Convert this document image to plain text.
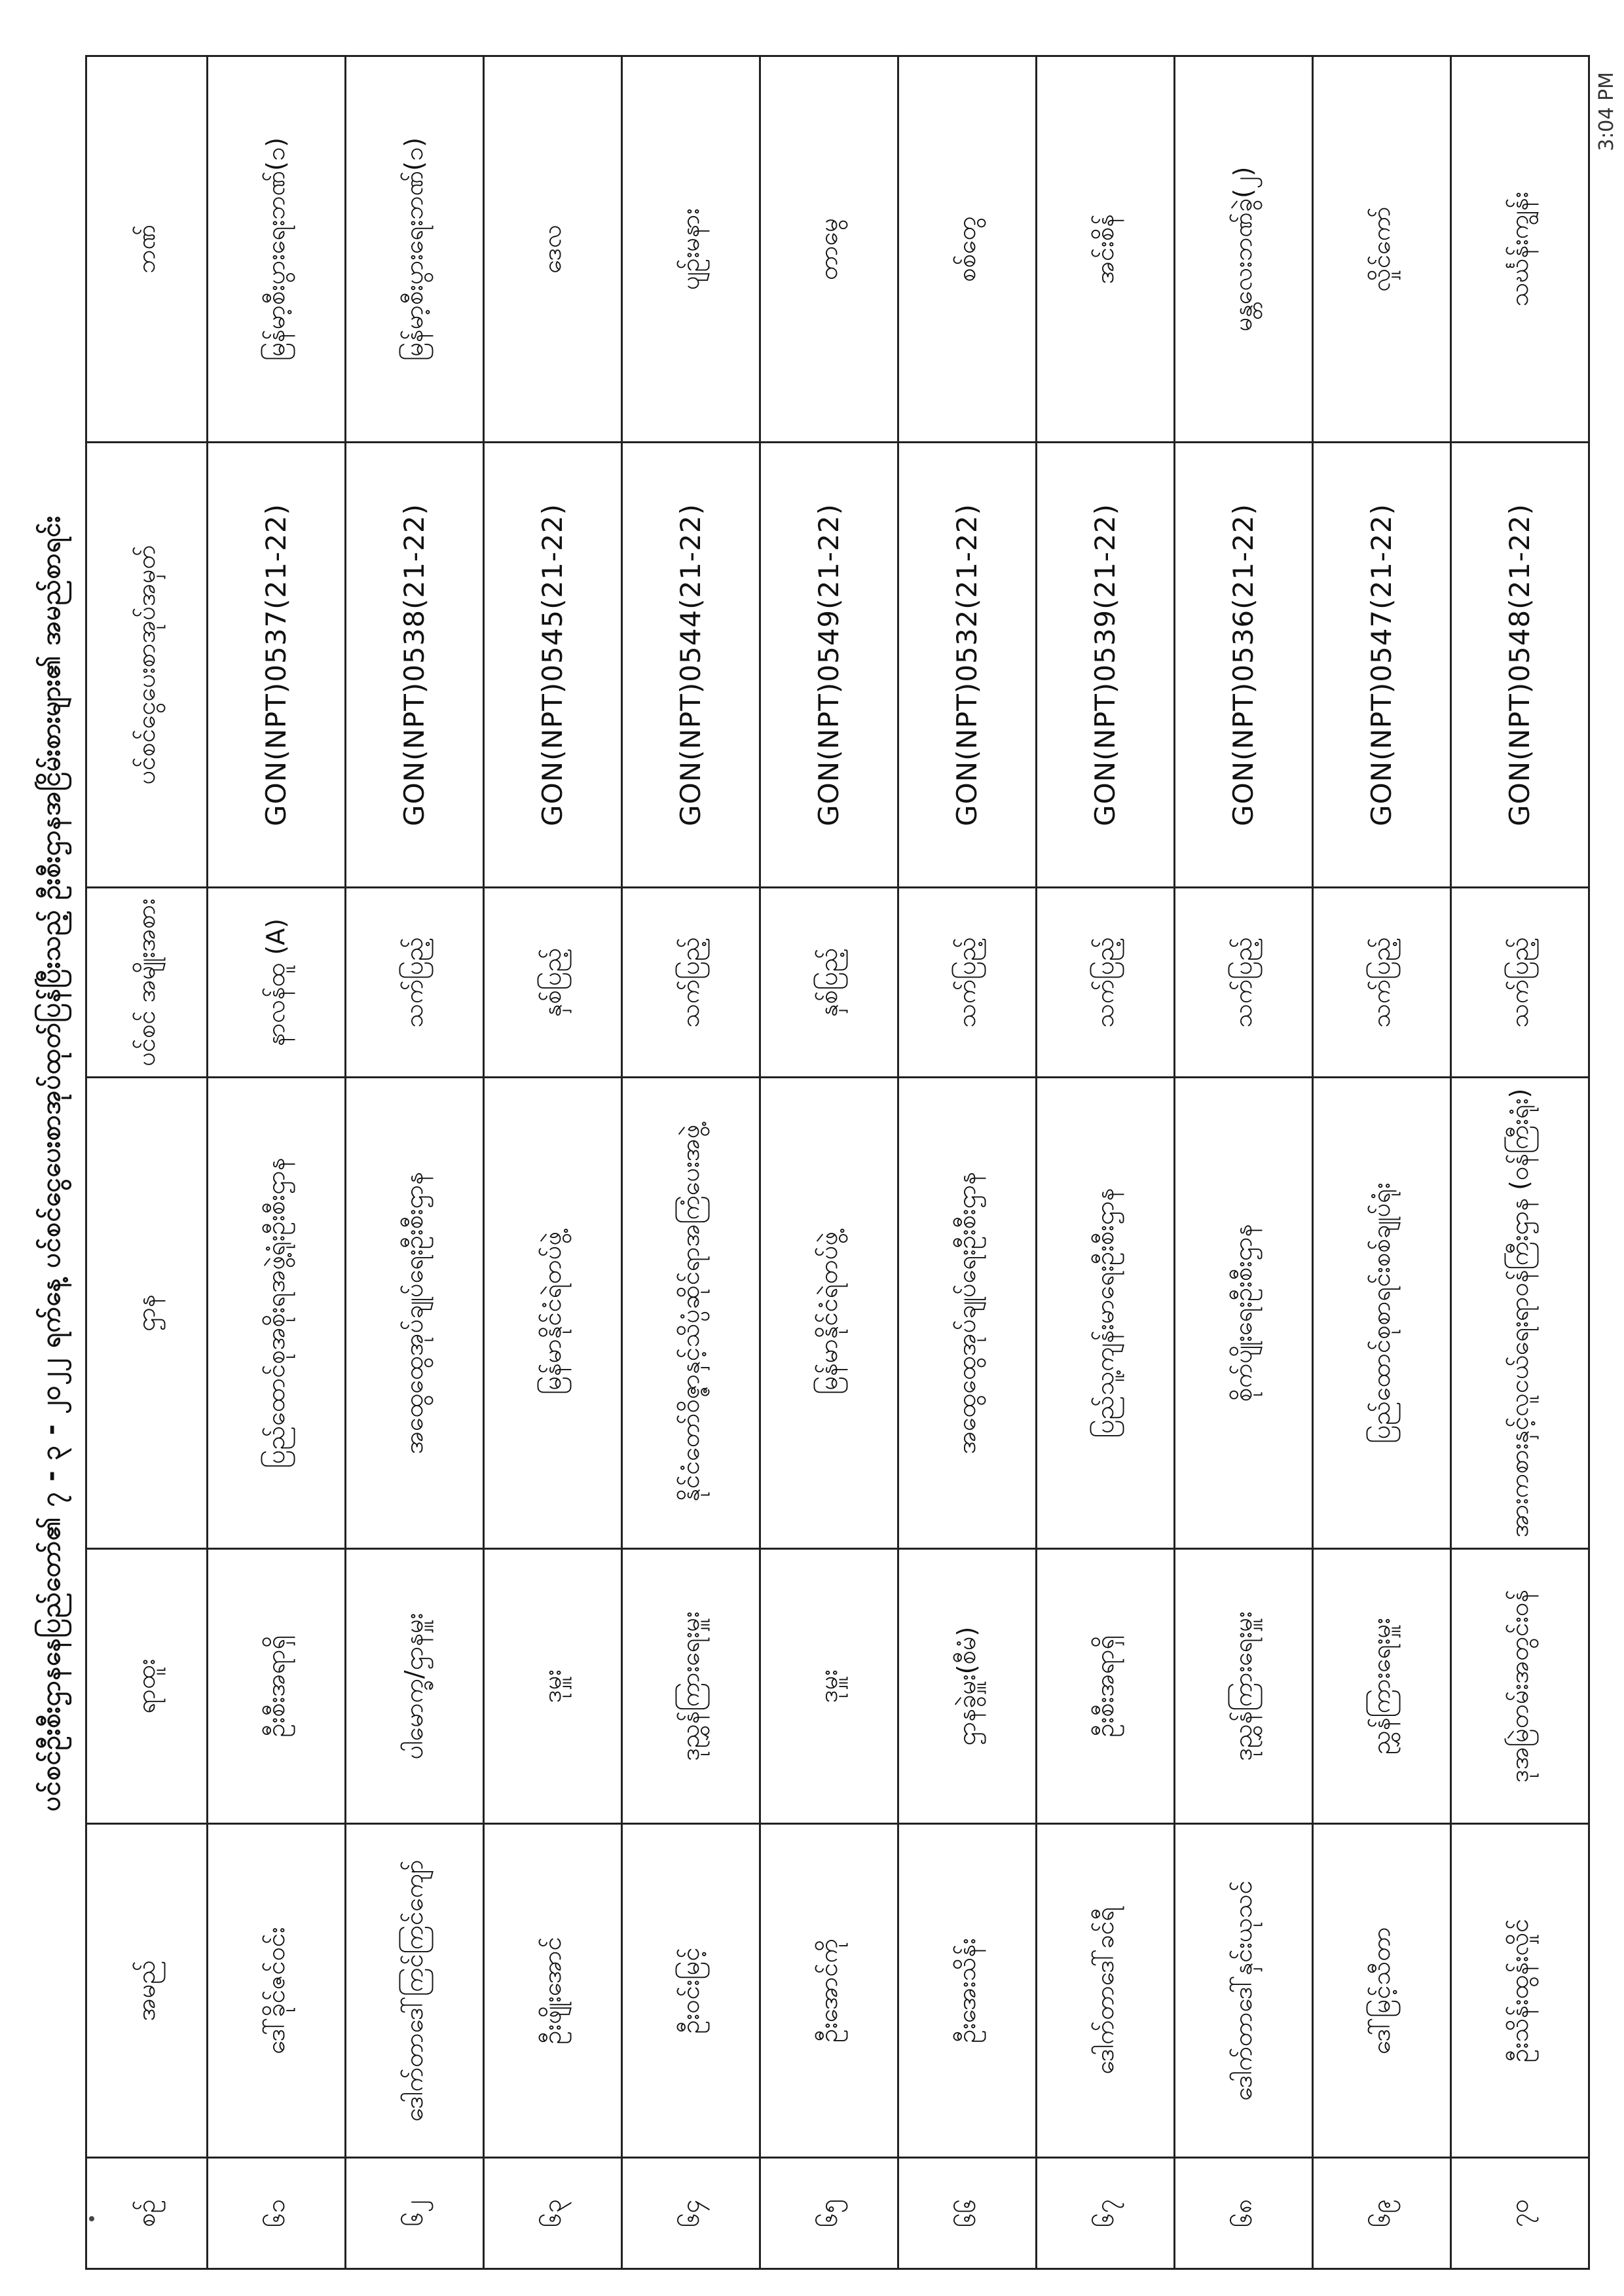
ပင်စင်ဦးစီးဌာနနေပြည်တော်၏ ၇ - ၃ - ၂၀၂၂ ရက်နေ့ ပင်စင်ငွေပေးစာအုပ်ထုတ်ပြန်ပြီးသည့် ဦးစီးဌာနအငြိမ်းစားများ၏ အမည်စာရင်း
စဉ်	အမည်	ရာထူး	ဌာန	ပင်စင် အမျိုးအစား	ပင်စင်ငွေပေးစာအုပ်အမှတ်	ဘဏ်
၆၁	ဒေါ်ခိုင်ဇင်ဝင်း	ဦးစီးအရာရှိ	ပြည်ထောင်စုအစိုးရအဖွဲ့ရုံးဦးစီးဌာန	နာလန်ထူ (A)	GON(NPT)0537(21-22)	မြန်မာ့စီးပွားရေးဘဏ်(၁)
၆၂	ဒေါက်တာဒေါ်ကြင်ကြင်ကျော်	ပါမောက္ခ/ဌာနမှူး	အထွေထွေအုပ်ချုပ်ရေးဦးစီးဌာန	သက်ပြည့်	GON(NPT)0538(21-22)	မြန်မာ့စီးပွားရေးဘဏ်(၁)
၆၃	ဦးဖျိုးအောင်	ဒုမှူး	မြန်မာနိုင်ငံရဲတပ်ဖွဲ့	နှစ်ပြည့်	GON(NPT)0545(21-22)	ဒေလ
၆၄	ဦးဝင်းမြင့်	ဒုညွှန်ကြားရေးမှူး	နိုင်ငံတော်ဝိဇ္ဇာနှင့်သိပ္ပံဆိုင်ရာအကြံပေးအဖွဲ့	သက်ပြည့်	GON(NPT)0544(21-22)	ပျဉ်းမနား
၆၅	ဦးအောင်ကို	ဒုမှူး	မြန်မာနိုင်ငံရဲတပ်ဖွဲ့	နှစ်ပြည့်	GON(NPT)0549(21-22)	တာမွေ
၆၆	ဦးအေးသိန်း	ဌာနခွဲမှူး(စီမံ)	အထွေထွေအုပ်ချုပ်ရေးဦးစီးဌာန	သက်ပြည့်	GON(NPT)0532(21-22)	စစ်တွေ
၆၇	ဒေါက်တာဒေါ်ခင်ရီ	ဦးစီးအရာရှိ	ပြည်သူ့ကျန်းမာရေးဦးစီးဌာန	သက်ပြည့်	GON(NPT)0539(21-22)	အင်းစိန်
၆၈	ဒေါက်တာဒေါ်နှင်းယုသင်	ဒုညွှန်ကြားရေးမှူး	စိုက်ပျိုးရေးဦးစီးဌာန	သက်ပြည့်	GON(NPT)0536(21-22)	မန္တလေးဘဏ်ခွဲ(၂)
၆၉	ဒေါ်မြင့်သီတာ	ညွှန်ကြားရေးမှူး	ပြည်ထောင်စုစာရင်းစစ်ချုပ်ရုံး	သက်ပြည့်	GON(NPT)0547(21-22)	လှိုင်ကော်
၇၀	ဦးသိန်းထွန်းလှိုင်	ဒုအမြဲတမ်းအတွင်းဝန်	အားကစားနှင့်လူငယ်ရေးရာဝန်ကြီးဌာန (ဝန်ကြီးရုံး)	သက်ပြည့်	GON(NPT)0548(21-22)	သင်္ဃန်းကျွန်း
3:04 PM
